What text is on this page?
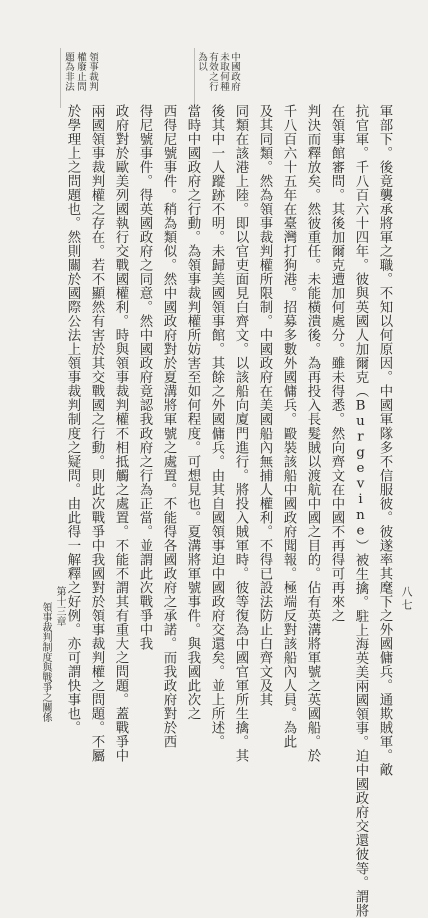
八七
第十三章
領事裁判制度與戰爭之關係
中國政府
未取何種
有效之行
為以
領事裁判
權廢止問
題為非法
軍部下。後竟襲承將軍之職。不知以何原因。中國軍隊多不信服彼。彼遂率其麾下之外國傭兵。通欺賊軍。敵
抗官軍。千八百六十四年。彼與英國人加爾克（Burgevine）被生擒。駐上海英美兩國領事。迫中國政府交還彼等。謂將
在領事館審問。其後加爾克遭加何處分。雖未得悉。然向齊文在中國不再得可再來之
判決而釋放矣。然彼重任。未能橫潰後。為再投入長髮賊以渡航中國之目的。佔有英溝將軍號之英國船。於
千八百六十五年在臺灣打狗港。招募多數外國傭兵。毆裝該船中國政府聞報。極端反對該船內人員。為此
及其同類。然為領事裁判權所限制。中國政府在美國船內無捕人權利。不得已設法防止白齊文及其
同類在該港上陸。即以官吏面見白齊文。以該船向廈門進行。將投入賊軍時。彼等復為中國官軍所生擒。其
後其中一人蹤跡不明。未歸美國領事館。其餘之外國傭兵。由其自國領事迫中國政府交還矣。並上所述。
當時中國政府之行動。為領事裁判權所妨害至如何程度。可想見也。夏溝將軍號事件。與我國此次之
西得尼號事件。稍為類似。然中國政府對於夏溝將軍號之處置。不能得各國政府之承諾。而我政府對於西
得尼號事件。得英國政府之同意。然中國政府竟認我政府之行為正當。並謂此次戰爭中我
政府對於歐美列國執行交戰國權利。時與領事裁判權不相抵觸之處置。不能不謂其有重大之問題。蓋戰爭中
兩國領事裁判權之存在。若不顯然有害於其交戰國之行動。則此次戰爭中我國對於領事裁判權之問題。不屬
於學理上之問題也。然則關於國際公法上領事裁判制度之疑問。由此得一解釋之好例。亦可謂快事也。
